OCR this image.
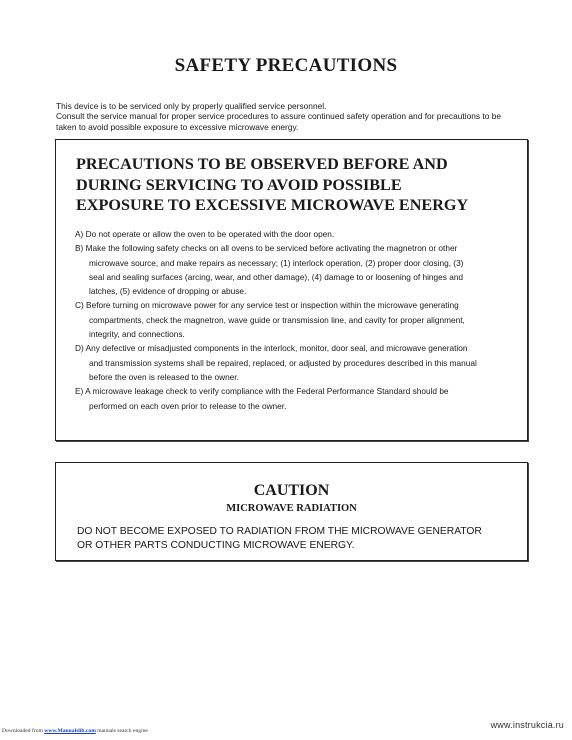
SAFETY PRECAUTIONS
This device is to be serviced only by properly qualified service personnel.
Consult the service manual for proper service procedures to assure continued safety operation and for precautions to be
taken to avoid possible exposure to excessive microwave energy.
PRECAUTIONS TO BE OBSERVED BEFORE AND
DURING SERVICING TO AVOID POSSIBLE
EXPOSURE TO EXCESSIVE MICROWAVE ENERGY
A) Do not operate or allow the oven to be operated with the door open.
B) Make the following safety checks on all ovens to be serviced before activating the magnetron or other
microwave source, and make repairs as necessary; (1) interlock operation, (2) proper door closing, (3)
seal and sealing surfaces (arcing, wear, and other damage), (4) damage to or loosening of hinges and
latches, (5) evidence of dropping or abuse.
C) Before turning on microwave power for any service test or inspection within the microwave generating
compartments, check the magnetron, wave guide or transmission line, and cavity for proper alignment,
integrity, and connections.
D) Any defective or misadjusted components in the interlock, monitor, door seal, and microwave generation
and transmission systems shall be repaired, replaced, or adjusted by procedures described in this manual
before the oven is released to the owner.
E) A microwave leakage check to verify compliance with the Federal Performance Standard should be
performed on each oven prior to release to the owner.
CAUTION
MICROWAVE RADIATION
DO NOT BECOME EXPOSED TO RADIATION FROM THE MICROWAVE GENERATOR
OR OTHER PARTS CONDUCTING MICROWAVE ENERGY.
Downloaded from www.Manualslib.com manuals search engine
www.instrukcia.ru
